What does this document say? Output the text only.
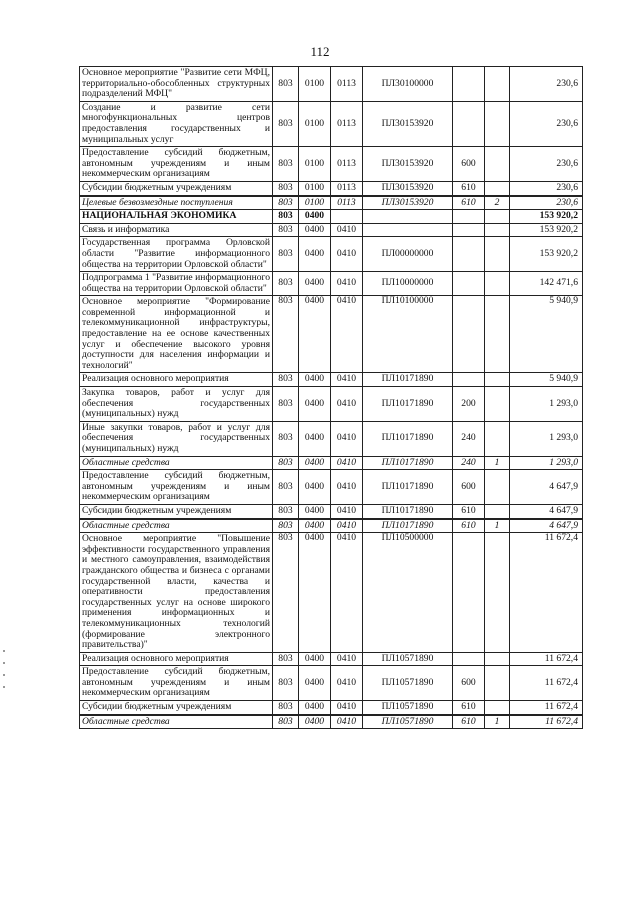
112
Основное мероприятие "Развитие сети МФЦ, территориально-обособленных структурных подразделений МФЦ"	803	0100	0113	ПЛ30100000			230,6
Создание и развитие сети многофункциональных центров предоставления государственных и муниципальных услуг	803	0100	0113	ПЛ30153920			230,6
Предоставление субсидий бюджетным, автономным учреждениям и иным некоммерческим организациям	803	0100	0113	ПЛ30153920	600		230,6
Субсидии бюджетным учреждениям	803	0100	0113	ПЛ30153920	610		230,6
Целевые безвозмездные поступления	803	0100	0113	ПЛ30153920	610	2	230,6
НАЦИОНАЛЬНАЯ ЭКОНОМИКА	803	0400					153 920,2
Связь и информатика	803	0400	0410				153 920,2
Государственная программа Орловской области "Развитие информационного общества на территории Орловской области"	803	0400	0410	ПЛ00000000			153 920,2
Подпрограмма 1 "Развитие информационного общества на территории Орловской области"	803	0400	0410	ПЛ10000000			142 471,6
Основное мероприятие "Формирование современной информационной и телекоммуникационной инфраструктуры, предоставление на ее основе качественных услуг и обеспечение высокого уровня доступности для населения информации и технологий"	803	0400	0410	ПЛ10100000			5 940,9
Реализация основного мероприятия	803	0400	0410	ПЛ10171890			5 940,9
Закупка товаров, работ и услуг для обеспечения государственных (муниципальных) нужд	803	0400	0410	ПЛ10171890	200		1 293,0
Иные закупки товаров, работ и услуг для обеспечения государственных (муниципальных) нужд	803	0400	0410	ПЛ10171890	240		1 293,0
Областные средства	803	0400	0410	ПЛ10171890	240	1	1 293,0
Предоставление субсидий бюджетным, автономным учреждениям и иным некоммерческим организациям	803	0400	0410	ПЛ10171890	600		4 647,9
Субсидии бюджетным учреждениям	803	0400	0410	ПЛ10171890	610		4 647,9
Областные средства	803	0400	0410	ПЛ10171890	610	1	4 647,9
Основное мероприятие "Повышение эффективности государственного управления и местного самоуправления, взаимодействия гражданского общества и бизнеса с органами государственной власти, качества и оперативности предоставления государственных услуг на основе широкого применения информационных и телекоммуникационных технологий (формирование электронного правительства)"	803	0400	0410	ПЛ10500000			11 672,4
Реализация основного мероприятия	803	0400	0410	ПЛ10571890			11 672,4
Предоставление субсидий бюджетным, автономным учреждениям и иным некоммерческим организациям	803	0400	0410	ПЛ10571890	600		11 672,4
Субсидии бюджетным учреждениям	803	0400	0410	ПЛ10571890	610		11 672,4
Областные средства	803	0400	0410	ПЛ10571890	610	1	11 672,4
